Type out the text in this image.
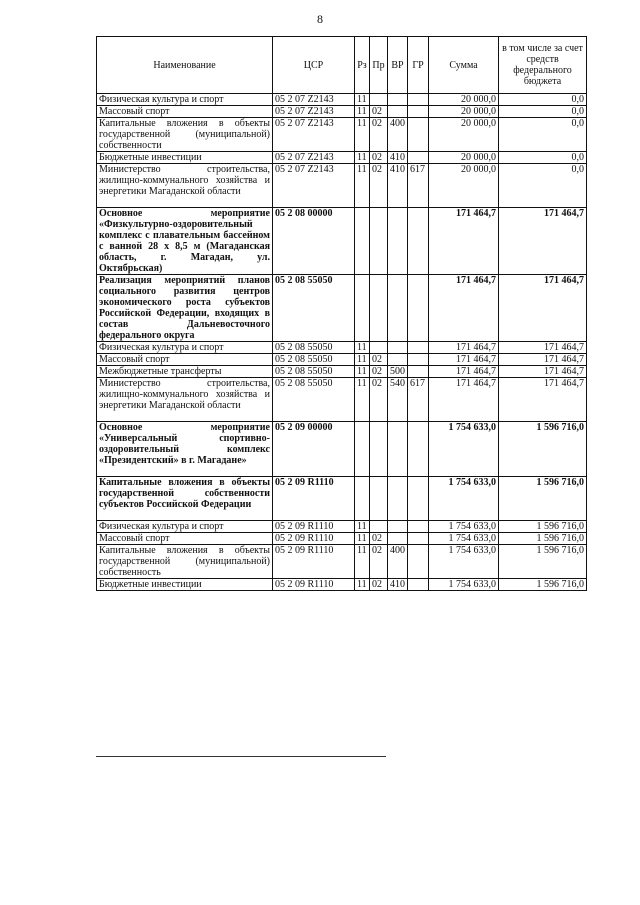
8
Наименование	ЦСР	Рз	Пр	ВР	ГР	Сумма	в том числе за счет средств федерального бюджета
Физическая культура и спорт	05 2 07 Z2143	11				20 000,0	0,0
Массовый спорт	05 2 07 Z2143	11	02			20 000,0	0,0
Капитальные вложения в объекты государственной (муниципальной) собственности	05 2 07 Z2143	11	02	400		20 000,0	0,0
Бюджетные инвестиции	05 2 07 Z2143	11	02	410		20 000,0	0,0
Министерство строительства, жилищно-коммунального хозяйства и энергетики Магаданской области	05 2 07 Z2143	11	02	410	617	20 000,0	0,0
Основное мероприятие «Физкультурно-оздоровительный комплекс с плавательным бассейном с ванной 28 х 8,5 м (Магаданская область, г. Магадан, ул. Октябрьская)	05 2 08 00000					171 464,7	171 464,7
Реализация мероприятий планов социального развития центров экономического роста субъектов Российской Федерации, входящих в состав Дальневосточного федерального округа	05 2 08 55050					171 464,7	171 464,7
Физическая культура и спорт	05 2 08 55050	11				171 464,7	171 464,7
Массовый спорт	05 2 08 55050	11	02			171 464,7	171 464,7
Межбюджетные трансферты	05 2 08 55050	11	02	500		171 464,7	171 464,7
Министерство строительства, жилищно-коммунального хозяйства и энергетики Магаданской области	05 2 08 55050	11	02	540	617	171 464,7	171 464,7
Основное мероприятие «Универсальный спортивно-оздоровительный комплекс «Президентский» в г. Магадане»	05 2 09 00000					1 754 633,0	1 596 716,0
Капитальные вложения в объекты государственной собственности субъектов Российской Федерации	05 2 09 R1110					1 754 633,0	1 596 716,0
Физическая культура и спорт	05 2 09 R1110	11				1 754 633,0	1 596 716,0
Массовый спорт	05 2 09 R1110	11	02			1 754 633,0	1 596 716,0
Капитальные вложения в объекты государственной (муниципальной) собственность	05 2 09 R1110	11	02	400		1 754 633,0	1 596 716,0
Бюджетные инвестиции	05 2 09 R1110	11	02	410		1 754 633,0	1 596 716,0
